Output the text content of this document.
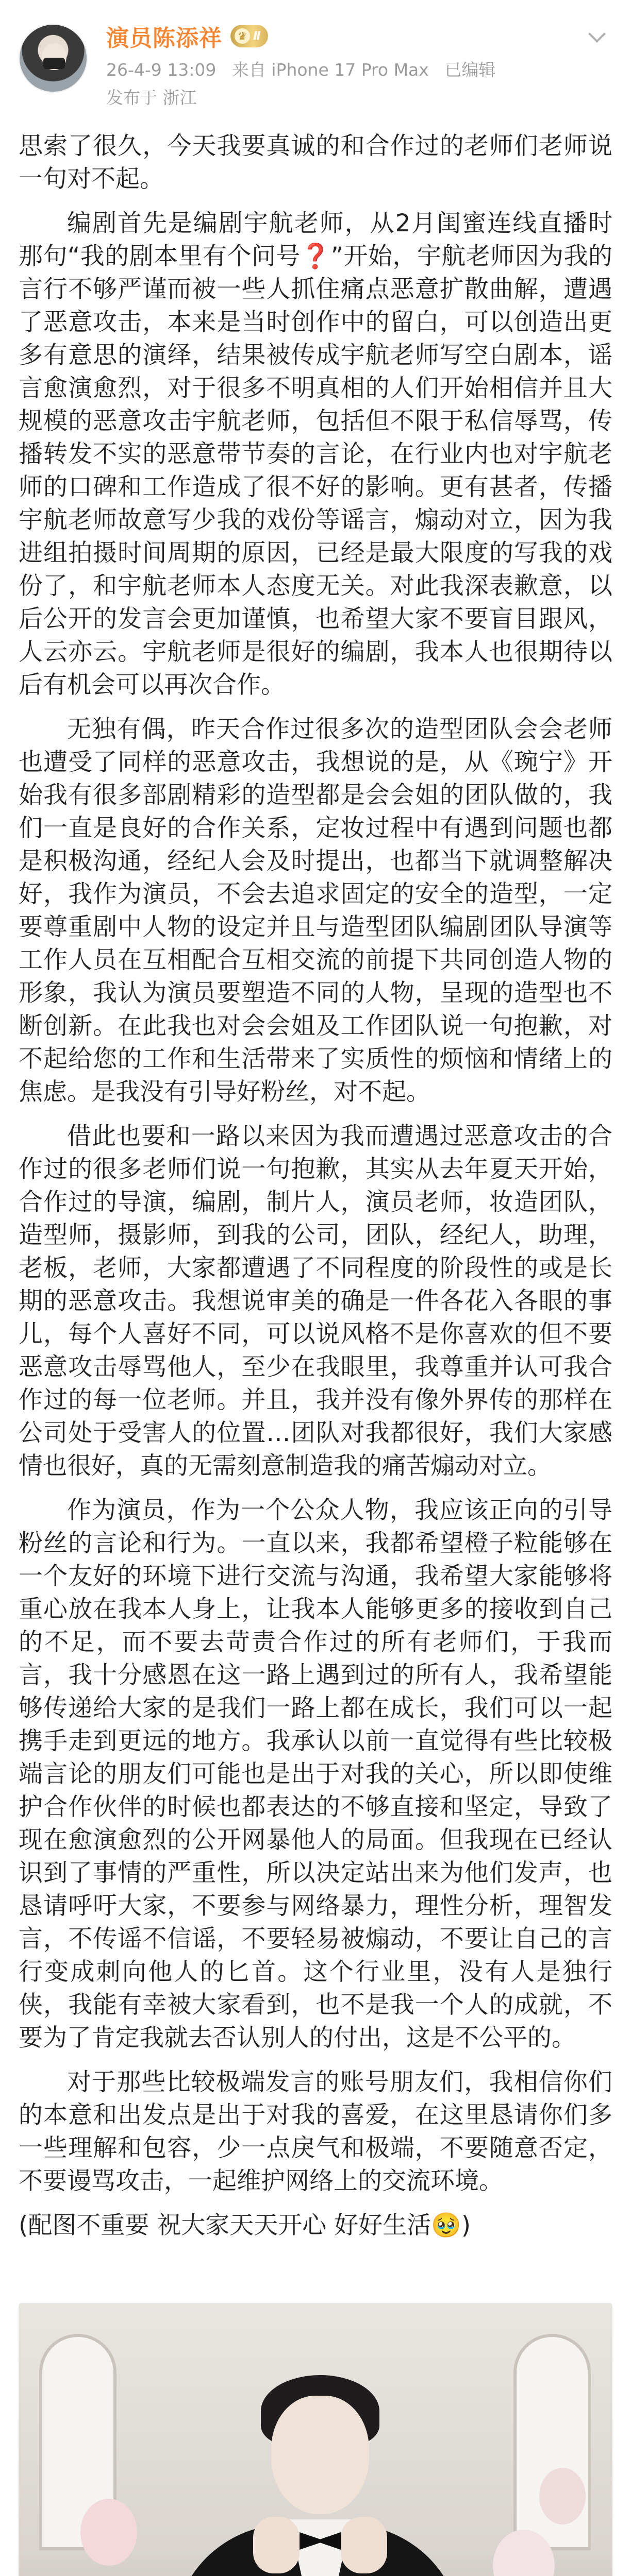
演员陈添祥	♛ Ⅱ
26-4-9 13:09 来自 iPhone 17 Pro Max 已编辑
发布于 浙江

思索了很久，今天我要真诚的和合作过的老师们老师说一句对不起。

编剧首先是编剧宇航老师，从2月闺蜜连线直播时那句“我的剧本里有个问号❓”开始，宇航老师因为我的言行不够严谨而被一些人抓住痛点恶意扩散曲解，遭遇了恶意攻击，本来是当时创作中的留白，可以创造出更多有意思的演绎，结果被传成宇航老师写空白剧本，谣言愈演愈烈，对于很多不明真相的人们开始相信并且大规模的恶意攻击宇航老师，包括但不限于私信辱骂，传播转发不实的恶意带节奏的言论，在行业内也对宇航老师的口碑和工作造成了很不好的影响。更有甚者，传播宇航老师故意写少我的戏份等谣言，煽动对立，因为我进组拍摄时间周期的原因，已经是最大限度的写我的戏份了，和宇航老师本人态度无关。对此我深表歉意，以后公开的发言会更加谨慎，也希望大家不要盲目跟风，人云亦云。宇航老师是很好的编剧，我本人也很期待以后有机会可以再次合作。

无独有偶，昨天合作过很多次的造型团队会会老师也遭受了同样的恶意攻击，我想说的是，从《琬宁》开始我有很多部剧精彩的造型都是会会姐的团队做的，我们一直是良好的合作关系，定妆过程中有遇到问题也都是积极沟通，经纪人会及时提出，也都当下就调整解决好，我作为演员，不会去追求固定的安全的造型，一定要尊重剧中人物的设定并且与造型团队编剧团队导演等工作人员在互相配合互相交流的前提下共同创造人物的形象，我认为演员要塑造不同的人物，呈现的造型也不断创新。在此我也对会会姐及工作团队说一句抱歉，对不起给您的工作和生活带来了实质性的烦恼和情绪上的焦虑。是我没有引导好粉丝，对不起。

借此也要和一路以来因为我而遭遇过恶意攻击的合作过的很多老师们说一句抱歉，其实从去年夏天开始，合作过的导演，编剧，制片人，演员老师，妆造团队，造型师，摄影师，到我的公司，团队，经纪人，助理，老板，老师，大家都遭遇了不同程度的阶段性的或是长期的恶意攻击。我想说审美的确是一件各花入各眼的事儿，每个人喜好不同，可以说风格不是你喜欢的但不要恶意攻击辱骂他人，至少在我眼里，我尊重并认可我合作过的每一位老师。并且，我并没有像外界传的那样在公司处于受害人的位置…团队对我都很好，我们大家感情也很好，真的无需刻意制造我的痛苦煽动对立。

作为演员，作为一个公众人物，我应该正向的引导粉丝的言论和行为。一直以来，我都希望橙子粒能够在一个友好的环境下进行交流与沟通，我希望大家能够将重心放在我本人身上，让我本人能够更多的接收到自己的不足，而不要去苛责合作过的所有老师们，于我而言，我十分感恩在这一路上遇到过的所有人，我希望能够传递给大家的是我们一路上都在成长，我们可以一起携手走到更远的地方。我承认以前一直觉得有些比较极端言论的朋友们可能也是出于对我的关心，所以即使维护合作伙伴的时候也都表达的不够直接和坚定，导致了现在愈演愈烈的公开网暴他人的局面。但我现在已经认识到了事情的严重性，所以决定站出来为他们发声，也恳请呼吁大家，不要参与网络暴力，理性分析，理智发言，不传谣不信谣，不要轻易被煽动，不要让自己的言行变成刺向他人的匕首。这个行业里，没有人是独行侠，我能有幸被大家看到，也不是我一个人的成就，不要为了肯定我就去否认别人的付出，这是不公平的。

对于那些比较极端发言的账号朋友们，我相信你们的本意和出发点是出于对我的喜爱，在这里恳请你们多一些理解和包容，少一点戾气和极端，不要随意否定，不要谩骂攻击，一起维护网络上的交流环境。

(配图不重要 祝大家天天开心 好好生活🥹)
